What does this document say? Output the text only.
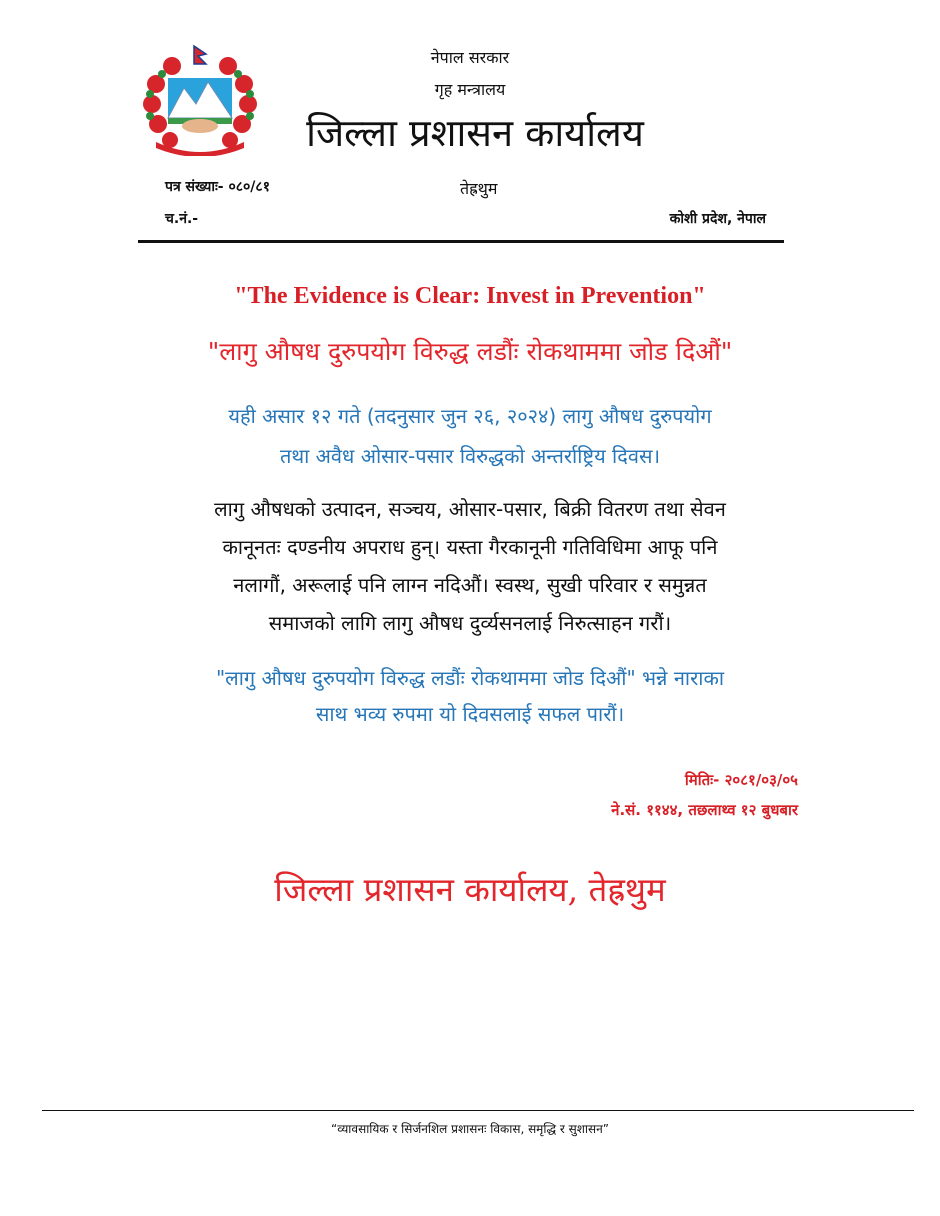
नेपाल सरकार
गृह मन्त्रालय
जिल्ला प्रशासन कार्यालय
पत्र संख्याः- ०८०/८१	तेह्रथुम
च.नं.-	कोशी प्रदेश, नेपाल
"The Evidence is Clear: Invest in Prevention"
"लागु औषध दुरुपयोग विरुद्ध लडौंः रोकथाममा जोड दिऔं"
यही असार १२ गते (तदनुसार जुन २६, २०२४) लागु औषध दुरुपयोग
तथा अवैध ओसार-पसार विरुद्धको अन्तर्राष्ट्रिय दिवस।
लागु औषधको उत्पादन, सञ्चय, ओसार-पसार, बिक्री वितरण तथा सेवन
कानूनतः दण्डनीय अपराध हुन्। यस्ता गैरकानूनी गतिविधिमा आफू पनि
नलागौं, अरूलाई पनि लाग्न नदिऔं। स्वस्थ, सुखी परिवार र समुन्नत
समाजको लागि लागु औषध दुर्व्यसनलाई निरुत्साहन गरौं।
"लागु औषध दुरुपयोग विरुद्ध लडौंः रोकथाममा जोड दिऔं" भन्ने नाराका
साथ भव्य रुपमा यो दिवसलाई सफल पारौं।
मितिः- २०८१/०३/०५
ने.सं. ११४४, तछलाथ्व १२ बुधबार
जिल्ला प्रशासन कार्यालय, तेह्रथुम
“व्यावसायिक र सिर्जनशिल प्रशासनः विकास, समृद्धि र सुशासन”
